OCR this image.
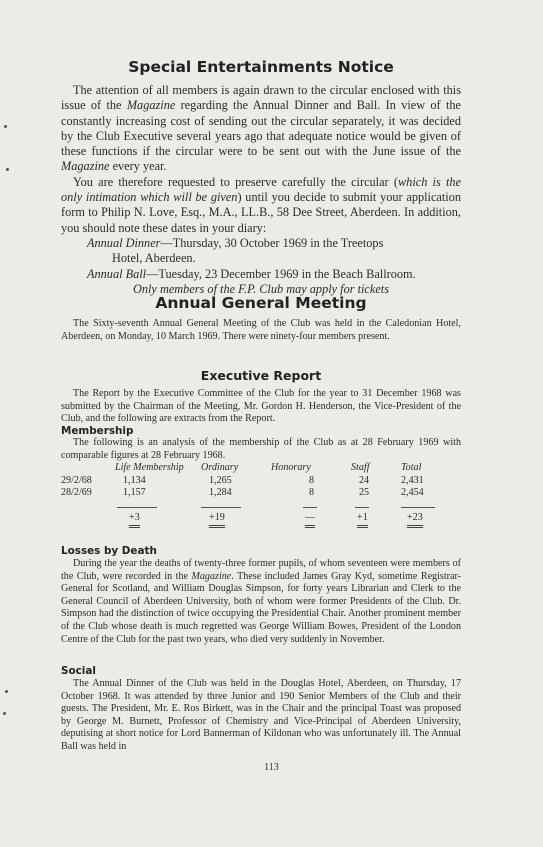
Special Entertainments Notice

The attention of all members is again drawn to the circular enclosed with this issue of the Magazine regarding the Annual Dinner and Ball. In view of the constantly increasing cost of sending out the circular separately, it was decided by the Club Executive several years ago that adequate notice would be given of these functions if the circular were to be sent out with the June issue of the Magazine every year.

You are therefore requested to preserve carefully the circular (which is the only intimation which will be given) until you decide to submit your application form to Philip N. Love, Esq., M.A., LL.B., 58 Dee Street, Aberdeen. In addition, you should note these dates in your diary:

Annual Dinner—Thursday, 30 October 1969 in the Treetops
Hotel, Aberdeen.
Annual Ball—Tuesday, 23 December 1969 in the Beach Ballroom.

Only members of the F.P. Club may apply for tickets

Annual General Meeting

The Sixty-seventh Annual General Meeting of the Club was held in the Caledonian Hotel, Aberdeen, on Monday, 10 March 1969. There were ninety-four members present.

Executive Report

The Report by the Executive Committee of the Club for the year to 31 December 1968 was submitted by the Chairman of the Meeting, Mr. Gordon H. Henderson, the Vice-President of the Club, and the following are extracts from the Report.

Membership

The following is an analysis of the membership of the Club as at 28 February 1969 with comparable figures at 28 February 1968.

	Life Membership	Ordinary	Honorary	Staff	Total
29/2/68	1,134	1,265	8	24	2,431
28/2/69	1,157	1,284	8	25	2,454

	+3	+19	—	+1	+23

Losses by Death

During the year the deaths of twenty-three former pupils, of whom seventeen were members of the Club, were recorded in the Magazine. These included James Gray Kyd, sometime Registrar-General for Scotland, and William Douglas Simpson, for forty years Librarian and Clerk to the General Council of Aberdeen University, both of whom were former Presidents of the Club. Dr. Simpson had the distinction of twice occupying the Presidential Chair. Another prominent member of the Club whose death is much regretted was George William Bowes, President of the London Centre of the Club for the past two years, who died very suddenly in November.

Social

The Annual Dinner of the Club was held in the Douglas Hotel, Aberdeen, on Thursday, 17 October 1968. It was attended by three Junior and 190 Senior Members of the Club and their guests. The President, Mr. E. Ros Birkett, was in the Chair and the principal Toast was proposed by George M. Burnett, Professor of Chemistry and Vice-Principal of Aberdeen University, deputising at short notice for Lord Bannerman of Kildonan who was unfortunately ill. The Annual Ball was held in

113
